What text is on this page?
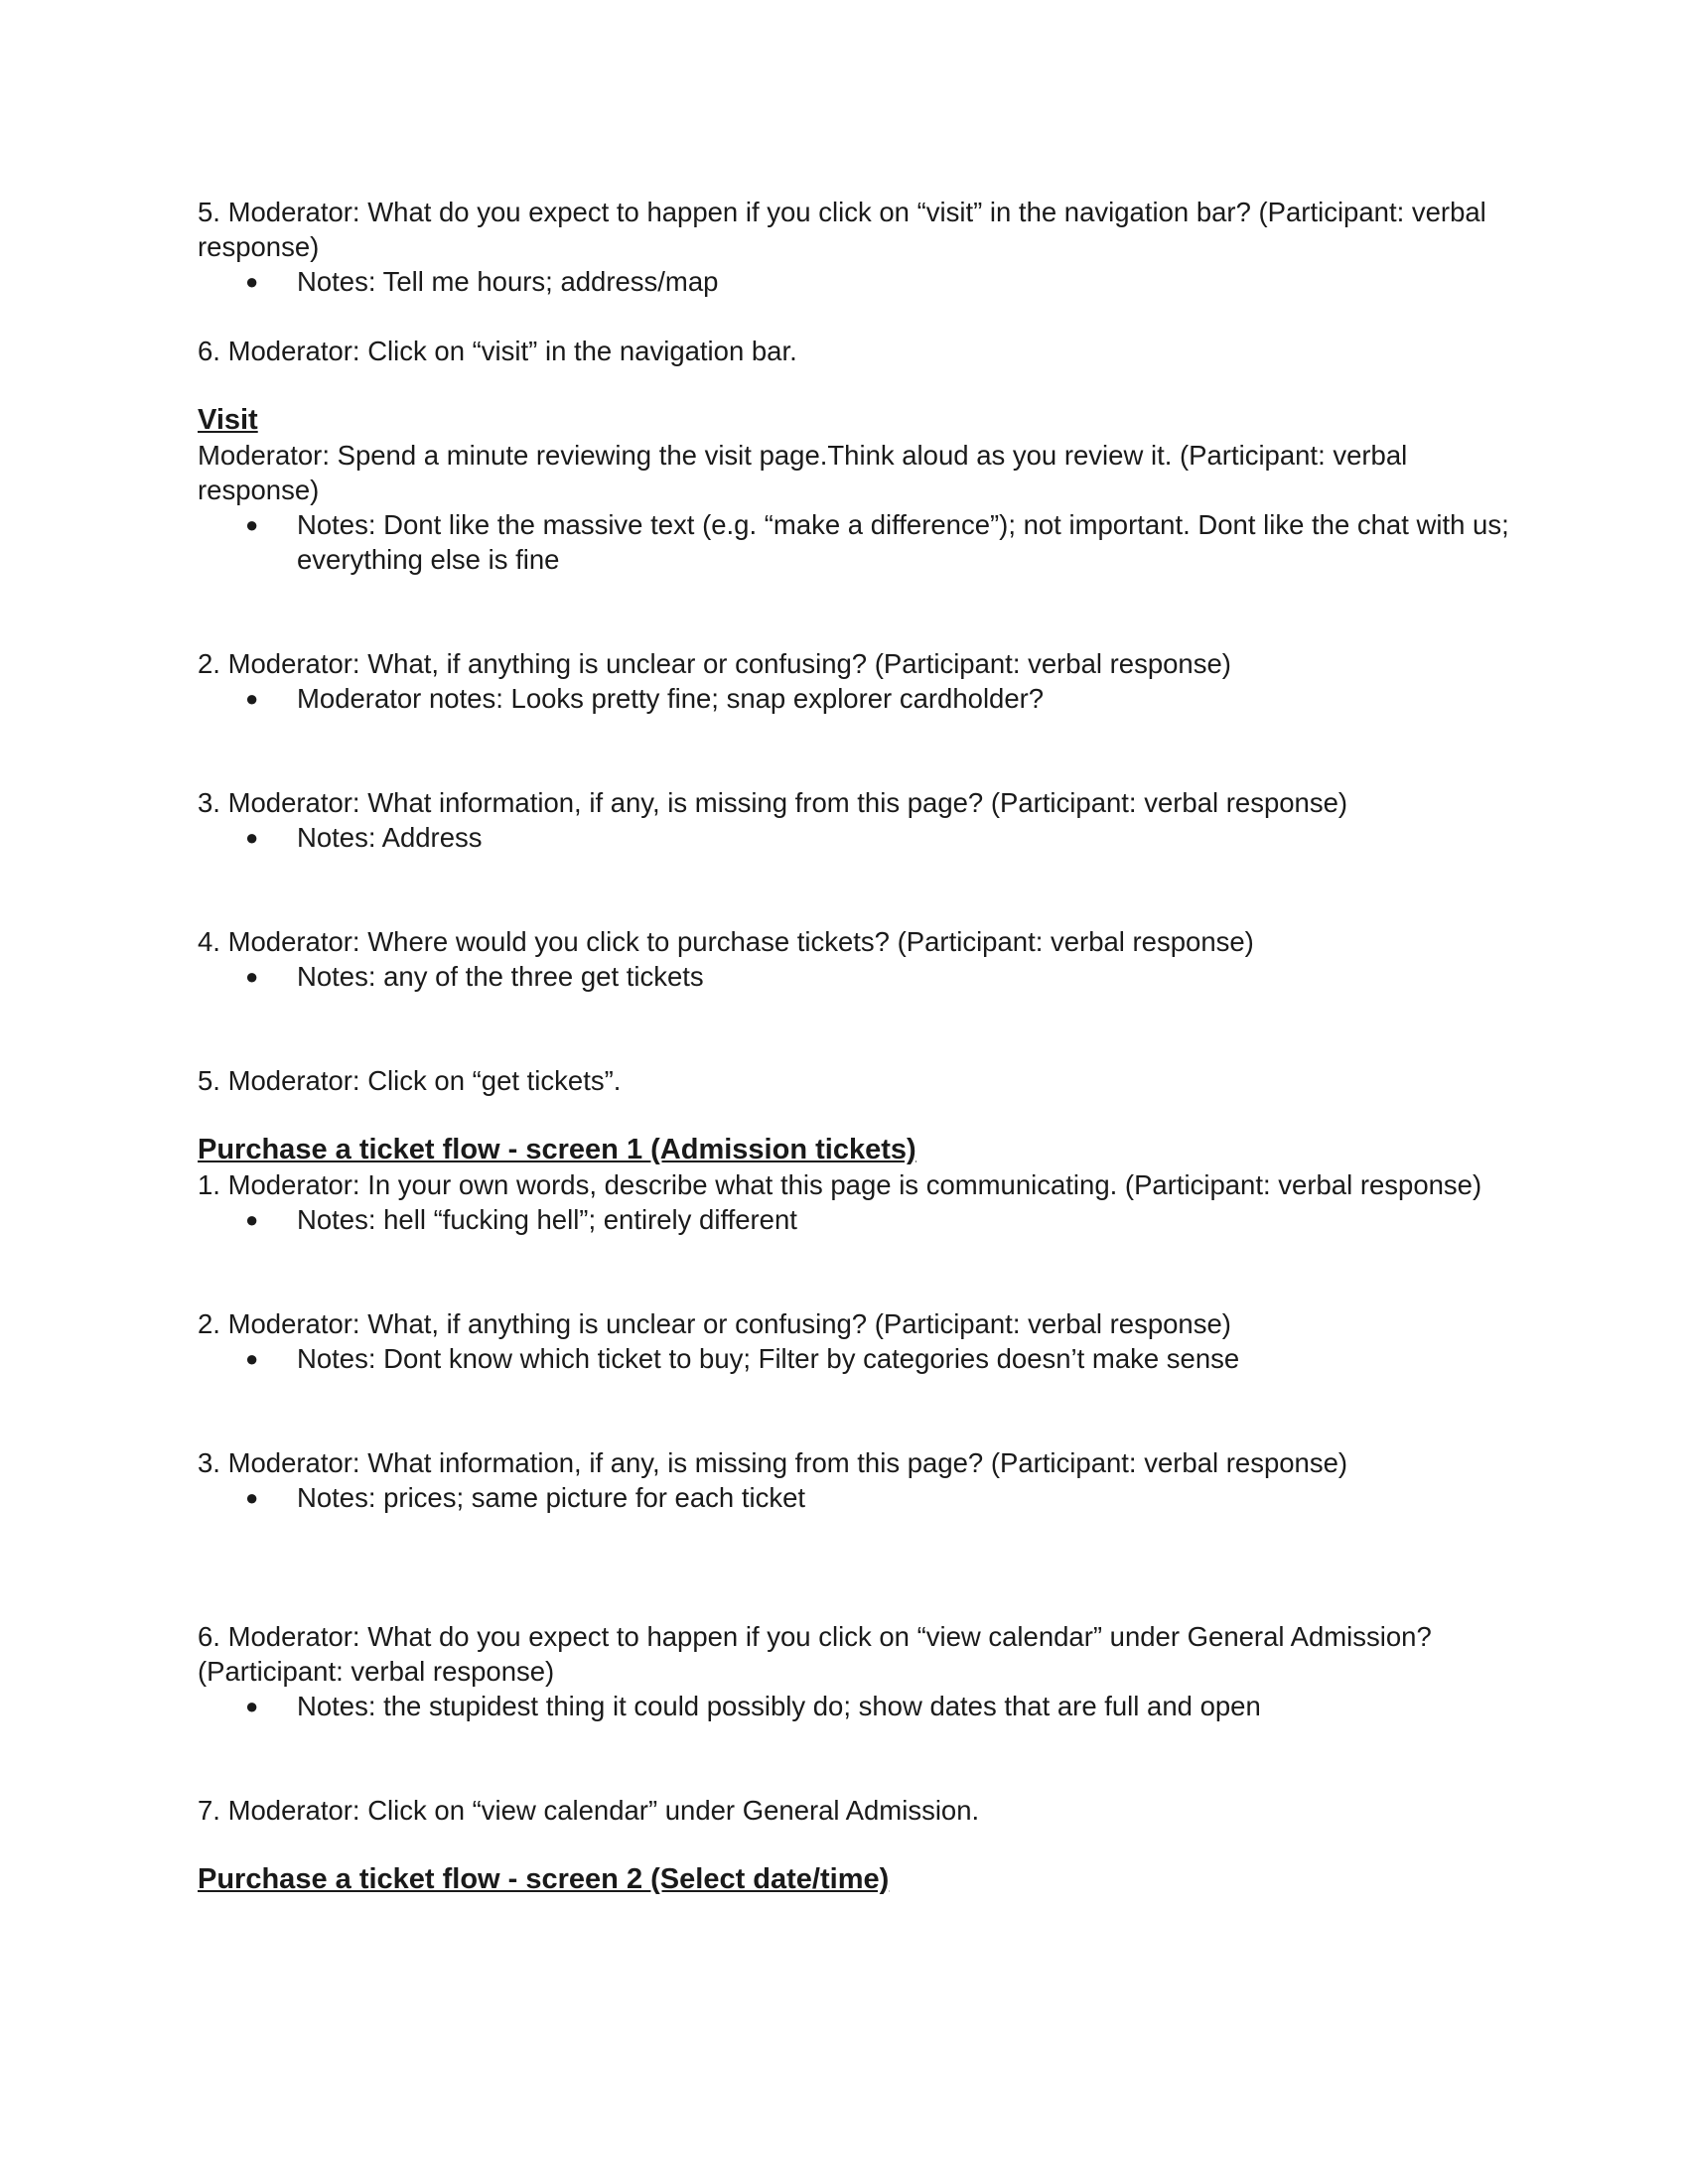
5. Moderator: What do you expect to happen if you click on “visit” in the navigation bar? (Participant: verbal response)

● Notes: Tell me hours; address/map

6. Moderator: Click on “visit” in the navigation bar.

Visit

Moderator: Spend a minute reviewing the visit page.Think aloud as you review it. (Participant: verbal response)

● Notes: Dont like the massive text (e.g. “make a difference”); not important. Dont like the chat with us; everything else is fine

2. Moderator: What, if anything is unclear or confusing? (Participant: verbal response)

● Moderator notes: Looks pretty fine; snap explorer cardholder?

3. Moderator: What information, if any, is missing from this page? (Participant: verbal response)

● Notes: Address

4. Moderator: Where would you click to purchase tickets? (Participant: verbal response)

● Notes: any of the three get tickets

5. Moderator: Click on “get tickets”.

Purchase a ticket flow - screen 1 (Admission tickets)

1. Moderator: In your own words, describe what this page is communicating. (Participant: verbal response)

● Notes: hell “fucking hell”; entirely different

2. Moderator: What, if anything is unclear or confusing? (Participant: verbal response)

● Notes: Dont know which ticket to buy; Filter by categories doesn’t make sense

3. Moderator: What information, if any, is missing from this page? (Participant: verbal response)

● Notes: prices; same picture for each ticket

6. Moderator: What do you expect to happen if you click on “view calendar” under General Admission? (Participant: verbal response)

● Notes: the stupidest thing it could possibly do; show dates that are full and open

7. Moderator: Click on “view calendar” under General Admission.

Purchase a ticket flow - screen 2 (Select date/time)
